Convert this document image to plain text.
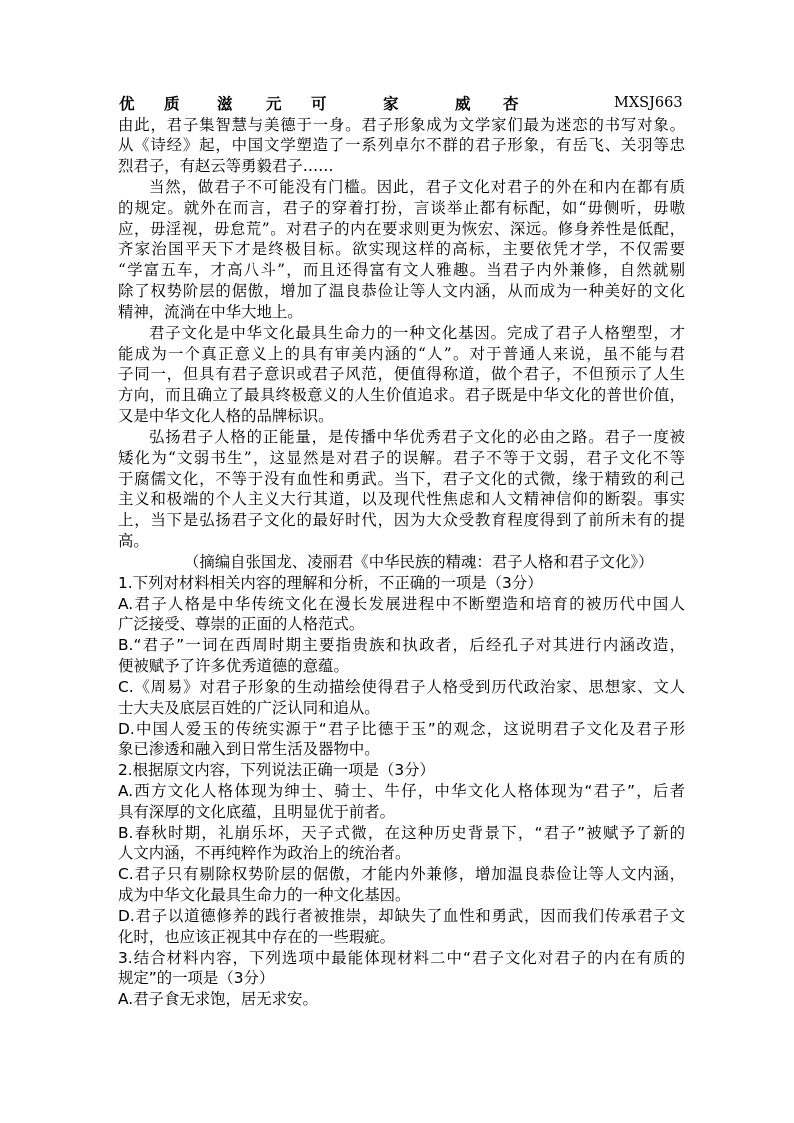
优 质 滋 元 可	家	威 杏	MXSJ663
由此，君子集智慧与美德于一身。君子形象成为文学家们最为迷恋的书写对象。
从《诗经》起，中国文学塑造了一系列卓尔不群的君子形象，有岳飞、关羽等忠
烈君子，有赵云等勇毅君子……
当然，做君子不可能没有门槛。因此，君子文化对君子的外在和内在都有质
的规定。就外在而言，君子的穿着打扮，言谈举止都有标配，如“毋侧听，毋嗷
应，毋淫视，毋怠荒”。对君子的内在要求则更为恢宏、深远。修身养性是低配，
齐家治国平天下才是终极目标。欲实现这样的高标，主要依凭才学，不仅需要
“学富五车，才高八斗”，而且还得富有文人雅趣。当君子内外兼修，自然就剔
除了权势阶层的倨傲，增加了温良恭俭让等人文内涵，从而成为一种美好的文化
精神，流淌在中华大地上。
君子文化是中华文化最具生命力的一种文化基因。完成了君子人格塑型，才
能成为一个真正意义上的具有审美内涵的“人”。对于普通人来说，虽不能与君
子同一，但具有君子意识或君子风范，便值得称道，做个君子，不但预示了人生
方向，而且确立了最具终极意义的人生价值追求。君子既是中华文化的普世价值，
又是中华文化人格的品牌标识。
弘扬君子人格的正能量，是传播中华优秀君子文化的必由之路。君子一度被
矮化为“文弱书生”，这显然是对君子的误解。君子不等于文弱，君子文化不等
于腐儒文化，不等于没有血性和勇武。当下，君子文化的式微，缘于精致的利己
主义和极端的个人主义大行其道，以及现代性焦虑和人文精神信仰的断裂。事实
上，当下是弘扬君子文化的最好时代，因为大众受教育程度得到了前所未有的提
高。
（摘编自张国龙、凌丽君《中华民族的精魂：君子人格和君子文化》）
1.下列对材料相关内容的理解和分析，不正确的一项是（3分）
A.君子人格是中华传统文化在漫长发展进程中不断塑造和培育的被历代中国人
广泛接受、尊崇的正面的人格范式。
B.“君子”一词在西周时期主要指贵族和执政者，后经孔子对其进行内涵改造，
便被赋予了许多优秀道德的意蕴。
C.《周易》对君子形象的生动描绘使得君子人格受到历代政治家、思想家、文人
士大夫及底层百姓的广泛认同和追从。
D.中国人爱玉的传统实源于“君子比德于玉”的观念，这说明君子文化及君子形
象已渗透和融入到日常生活及器物中。
2.根据原文内容，下列说法正确一项是（3分）
A.西方文化人格体现为绅士、骑士、牛仔，中华文化人格体现为“君子”，后者
具有深厚的文化底蕴，且明显优于前者。
B.春秋时期，礼崩乐坏，天子式微，在这种历史背景下，“君子”被赋予了新的
人文内涵，不再纯粹作为政治上的统治者。
C.君子只有剔除权势阶层的倨傲，才能内外兼修，增加温良恭俭让等人文内涵，
成为中华文化最具生命力的一种文化基因。
D.君子以道德修养的践行者被推崇，却缺失了血性和勇武，因而我们传承君子文
化时，也应该正视其中存在的一些瑕疵。
3.结合材料内容，下列选项中最能体现材料二中“君子文化对君子的内在有质的
规定”的一项是（3分）
A.君子食无求饱，居无求安。
